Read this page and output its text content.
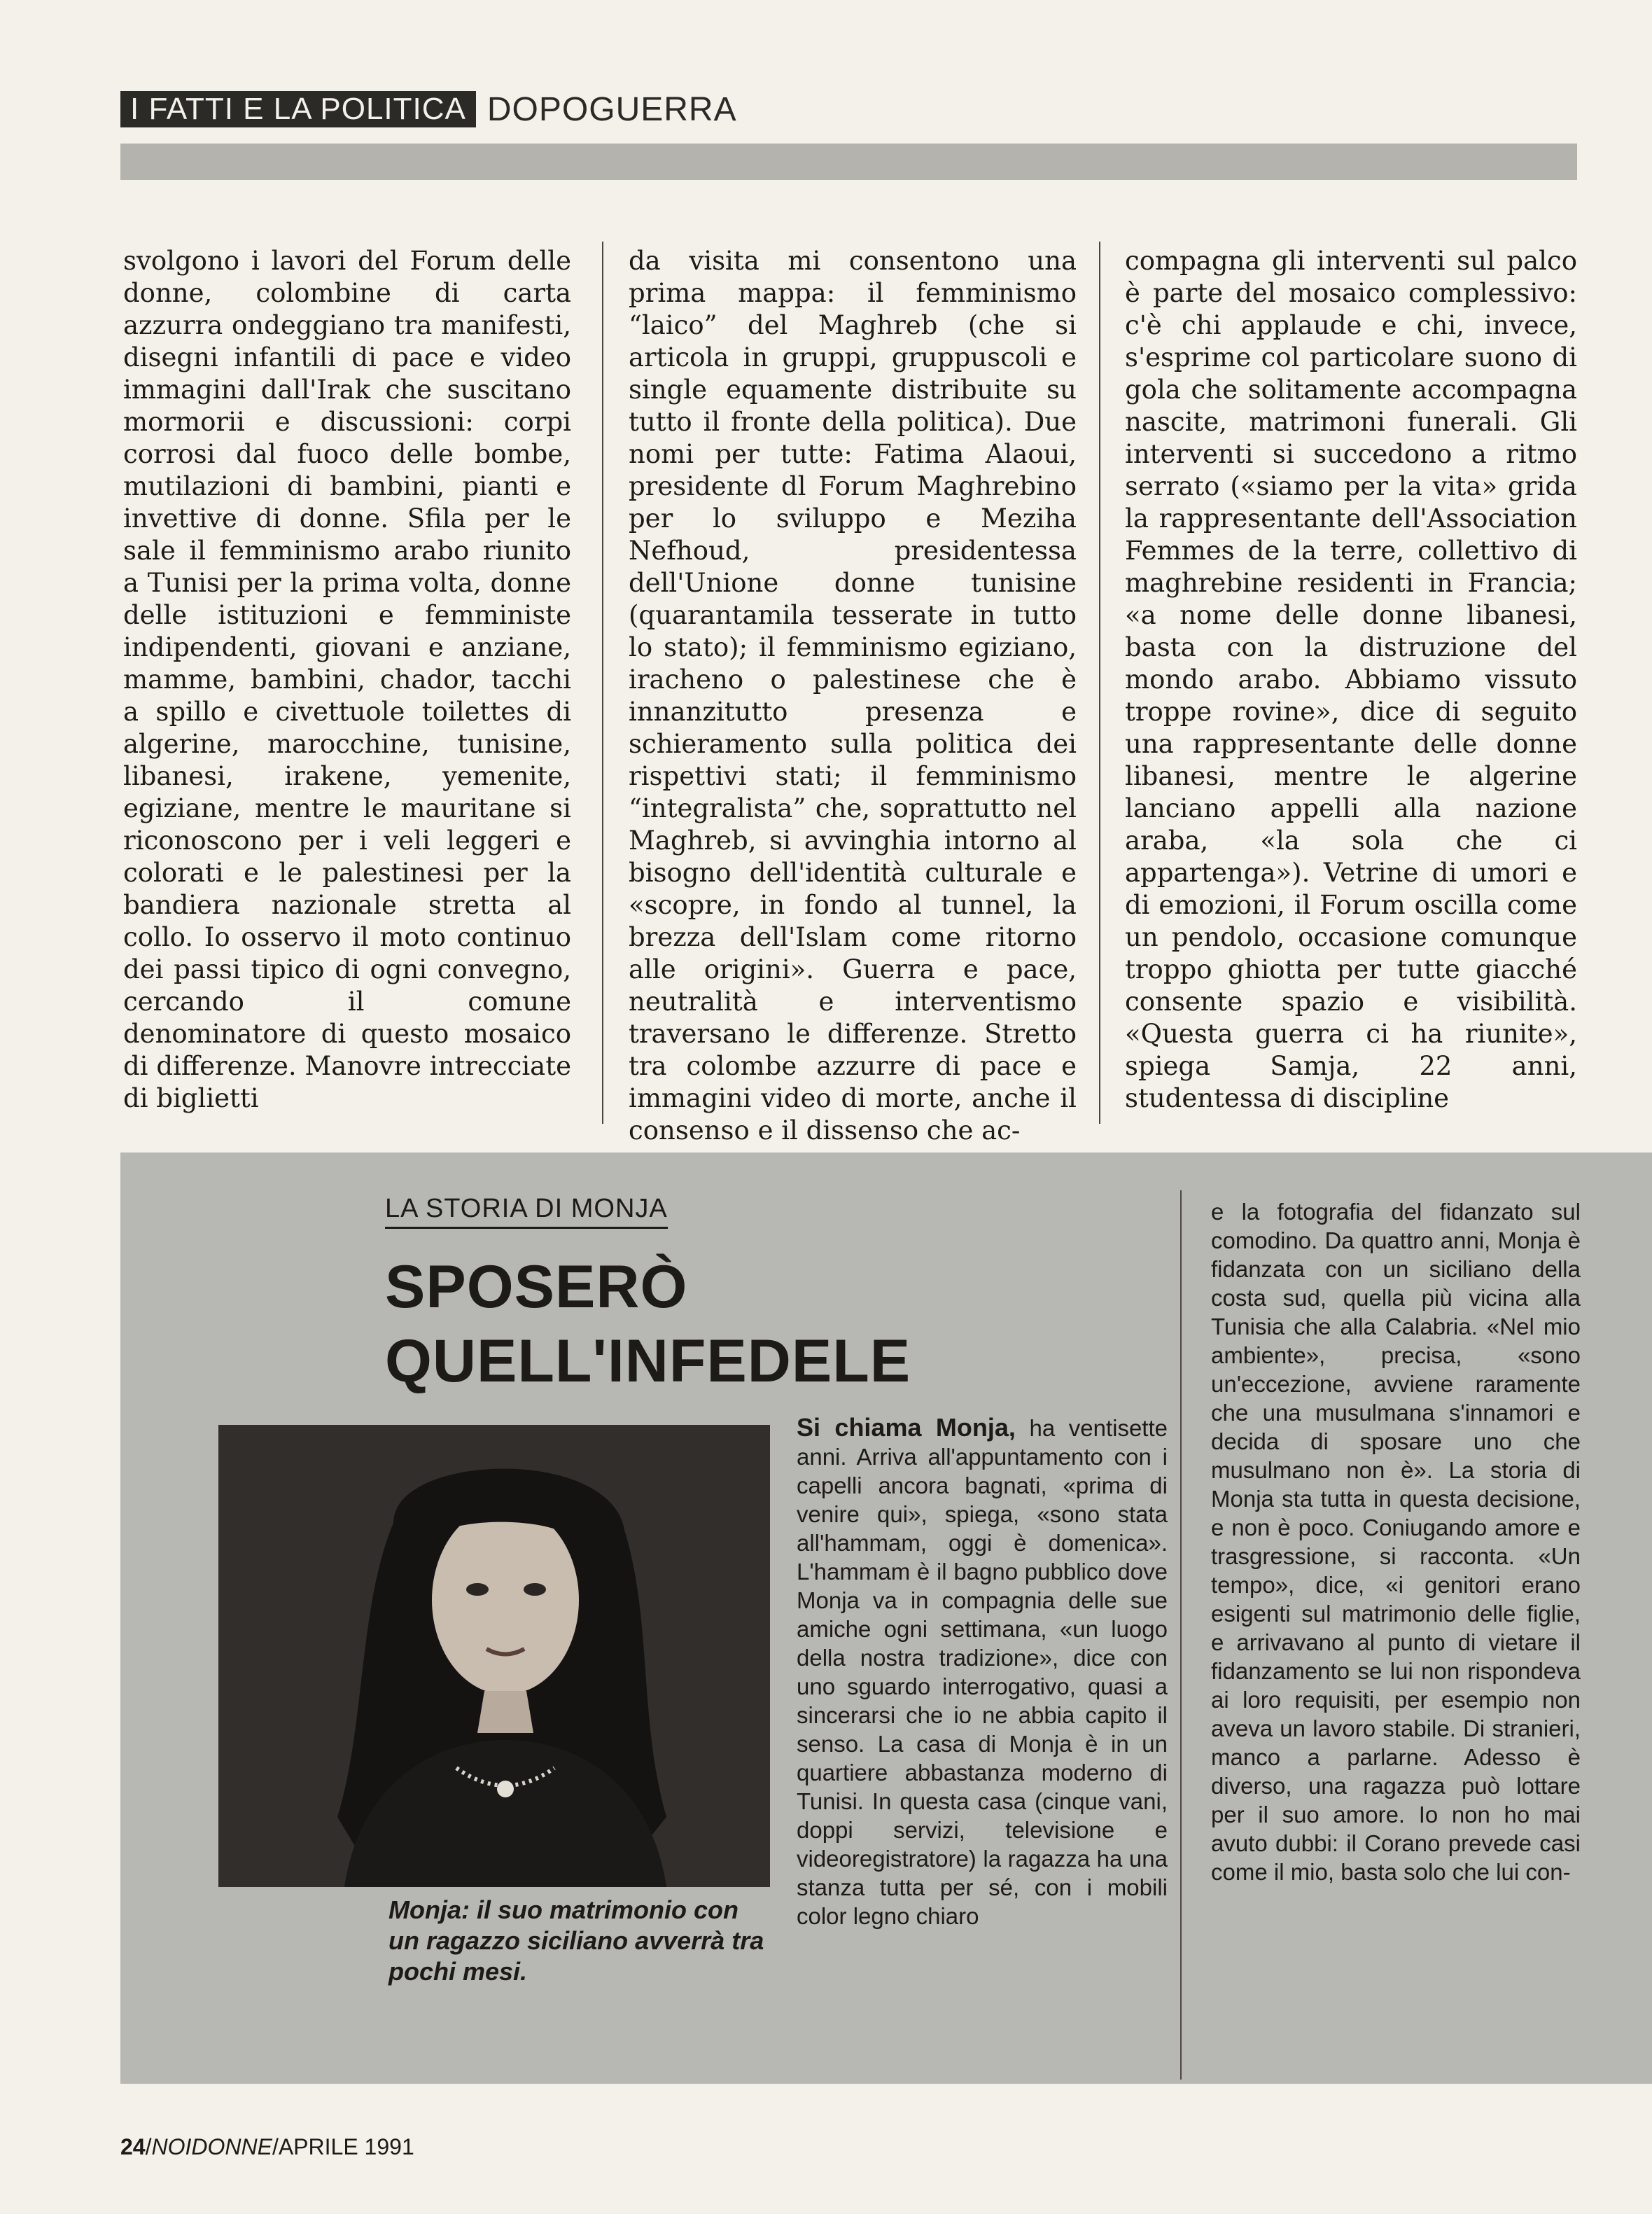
I FATTI E LA POLITICA DOPOGUERRA

svolgono i lavori del Forum delle donne, colombine di carta azzurra ondeggiano tra manifesti, disegni infantili di pace e video immagini dall'Irak che suscitano mormorii e discussioni: corpi corrosi dal fuoco delle bombe, mutilazioni di bambini, pianti e invettive di donne. Sfila per le sale il femminismo arabo riunito a Tunisi per la prima volta, donne delle istituzioni e femministe indipendenti, giovani e anziane, mamme, bambini, chador, tacchi a spillo e civettuole toilettes di algerine, marocchine, tunisine, libanesi, irakene, yemenite, egiziane, mentre le mauritane si riconoscono per i veli leggeri e colorati e le palestinesi per la bandiera nazionale stretta al collo. Io osservo il moto continuo dei passi tipico di ogni convegno, cercando il comune denominatore di questo mosaico di differenze. Manovre intrecciate di biglietti

da visita mi consentono una prima mappa: il femminismo “laico” del Maghreb (che si articola in gruppi, gruppuscoli e single equamente distribuite su tutto il fronte della politica). Due nomi per tutte: Fatima Alaoui, presidente dl Forum Maghrebino per lo sviluppo e Meziha Nefhoud, presidentessa dell'Unione donne tunisine (quarantamila tesserate in tutto lo stato); il femminismo egiziano, iracheno o palestinese che è innanzitutto presenza e schieramento sulla politica dei rispettivi stati; il femminismo “integralista” che, soprattutto nel Maghreb, si avvinghia intorno al bisogno dell'identità culturale e «scopre, in fondo al tunnel, la brezza dell'Islam come ritorno alle origini». Guerra e pace, neutralità e interventismo traversano le differenze. Stretto tra colombe azzurre di pace e immagini video di morte, anche il consenso e il dissenso che ac-

compagna gli interventi sul palco è parte del mosaico complessivo: c'è chi applaude e chi, invece, s'esprime col particolare suono di gola che solitamente accompagna nascite, matrimoni funerali. Gli interventi si succedono a ritmo serrato («siamo per la vita» grida la rappresentante dell'Association Femmes de la terre, collettivo di maghrebine residenti in Francia; «a nome delle donne libanesi, basta con la distruzione del mondo arabo. Abbiamo vissuto troppe rovine», dice di seguito una rappresentante delle donne libanesi, mentre le algerine lanciano appelli alla nazione araba, «la sola che ci appartenga»). Vetrine di umori e di emozioni, il Forum oscilla come un pendolo, occasione comunque troppo ghiotta per tutte giacché consente spazio e visibilità. «Questa guerra ci ha riunite», spiega Samja, 22 anni, studentessa di discipline

LA STORIA DI MONJA
SPOSERÒ
QUELL'INFEDELE
Monja: il suo matrimonio con un ragazzo siciliano avverrà tra pochi mesi.

Si chiama Monja, ha ventisette anni. Arriva all'appuntamento con i capelli ancora bagnati, «prima di venire qui», spiega, «sono stata all'hammam, oggi è domenica». L'hammam è il bagno pubblico dove Monja va in compagnia delle sue amiche ogni settimana, «un luogo della nostra tradizione», dice con uno sguardo interrogativo, quasi a sincerarsi che io ne abbia capito il senso. La casa di Monja è in un quartiere abbastanza moderno di Tunisi. In questa casa (cinque vani, doppi servizi, televisione e videoregistratore) la ragazza ha una stanza tutta per sé, con i mobili color legno chiaro

e la fotografia del fidanzato sul comodino. Da quattro anni, Monja è fidanzata con un siciliano della costa sud, quella più vicina alla Tunisia che alla Calabria. «Nel mio ambiente», precisa, «sono un'eccezione, avviene raramente che una musulmana s'innamori e decida di sposare uno che musulmano non è». La storia di Monja sta tutta in questa decisione, e non è poco. Coniugando amore e trasgressione, si racconta. «Un tempo», dice, «i genitori erano esigenti sul matrimonio delle figlie, e arrivavano al punto di vietare il fidanzamento se lui non rispondeva ai loro requisiti, per esempio non aveva un lavoro stabile. Di stranieri, manco a parlarne. Adesso è diverso, una ragazza può lottare per il suo amore. Io non ho mai avuto dubbi: il Corano prevede casi come il mio, basta solo che lui con-

24/NOIDONNE/APRILE 1991
